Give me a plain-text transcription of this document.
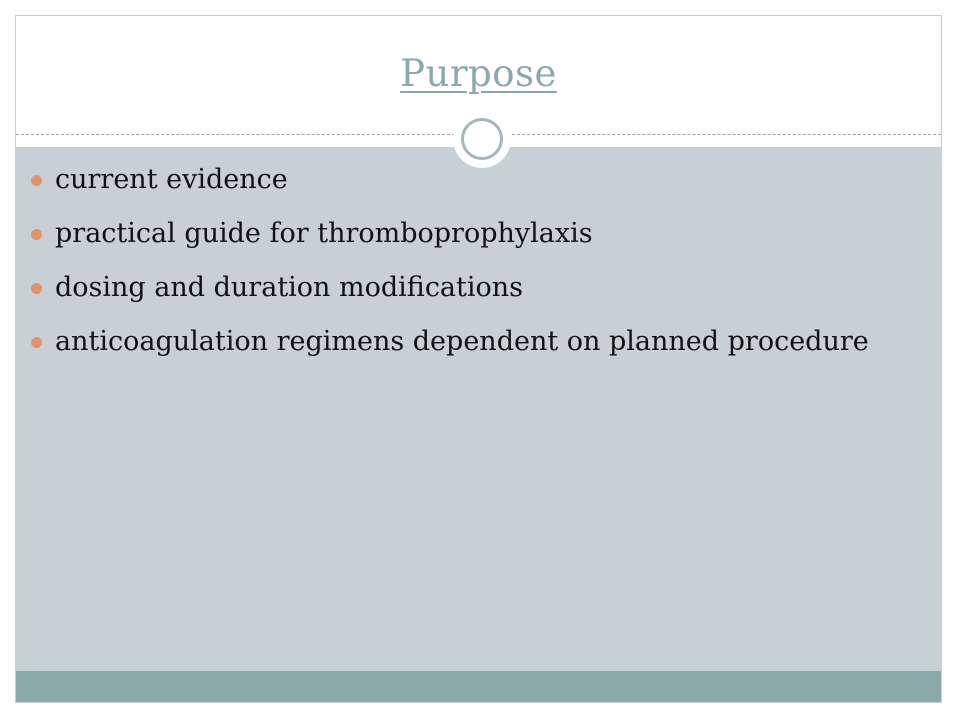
Purpose
current evidence
practical guide for thromboprophylaxis
dosing and duration modifications
anticoagulation regimens dependent on planned procedure
